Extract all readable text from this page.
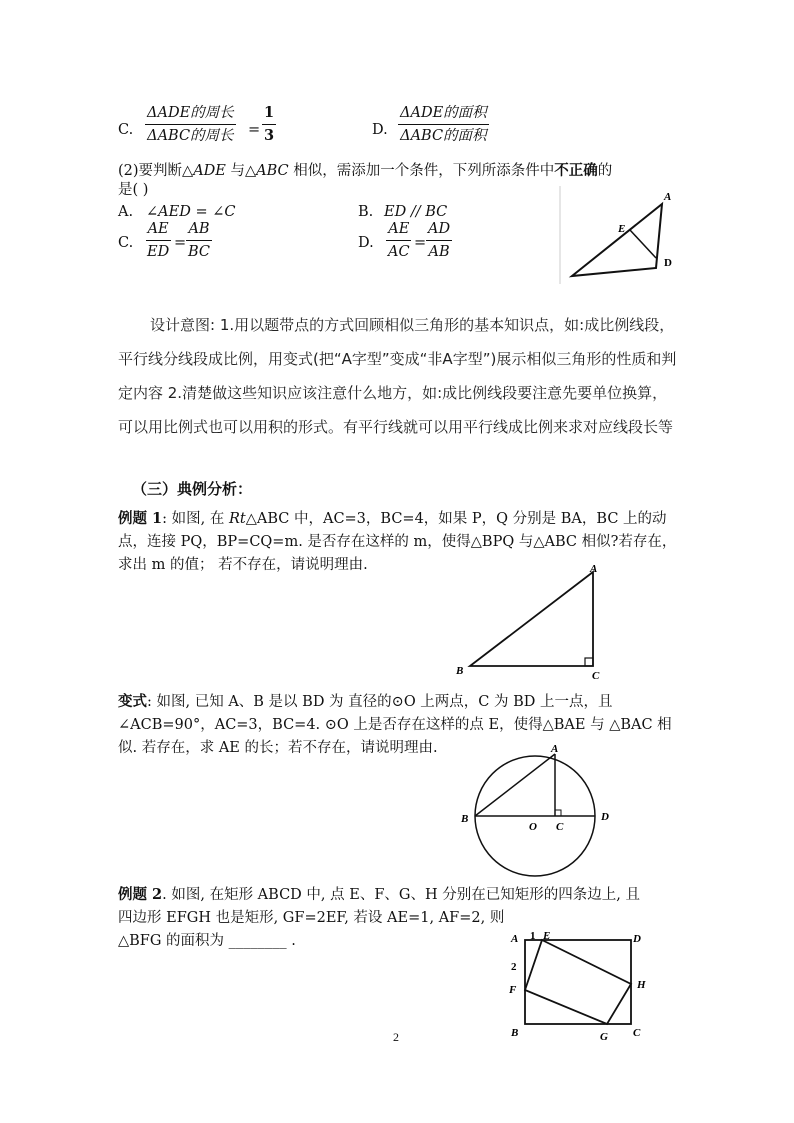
C.
ΔADE的周长
ΔABC的周长 = $\frac{1}{3}$	D.
ΔADE的面积
ΔABC的面积
(2)要判断△ADE 与△ABC 相似，需添加一个条件，下列所添条件中不正确的
是( )
A. ∠AED = ∠C	B. ED // BC
C. $\frac{AE}{ED} = \frac{AB}{BC}$	D. $\frac{AE}{AC} = \frac{AD}{AB}$
A
E
D
设计意图: 1.用以题带点的方式回顾相似三角形的基本知识点，如:成比例线段，平行线分线段成比例，用变式(把“A字型”变成“非A字型”)展示相似三角形的性质和判定内容 2.清楚做这些知识应该注意什么地方，如:成比例线段要注意先要单位换算，可以用比例式也可以用积的形式。有平行线就可以用平行线成比例来求对应线段长等
（三）典例分析：
例题 1: 如图, 在 Rt△ABC 中，AC=3，BC=4，如果 P，Q 分别是 BA，BC 上的动点，连接 PQ，BP=CQ=m. 是否存在这样的 m，使得△BPQ 与△ABC 相似?若存在，求出 m 的值； 若不存在，请说明理由.	A
B	C
变式: 如图, 已知 A、B 是以 BD 为 直径的⊙O 上两点，C 为 BD 上一点，且∠ACB=90°，AC=3，BC=4. ⊙O 上是否存在这样的点 E，使得△BAE 与 △BAC 相似. 若存在，求 AE 的长；若不存在，请说明理由.	A
B
O C
D
例题 2. 如图, 在矩形 ABCD 中, 点 E、F、G、H 分别在已知矩形的四条边上, 且
四边形 EFGH 也是矩形, GF=2EF, 若设 AE=1, AF=2, 则
△BFG 的面积为 ________ .	A 1 E	D
2
F	H
B	G C
2
